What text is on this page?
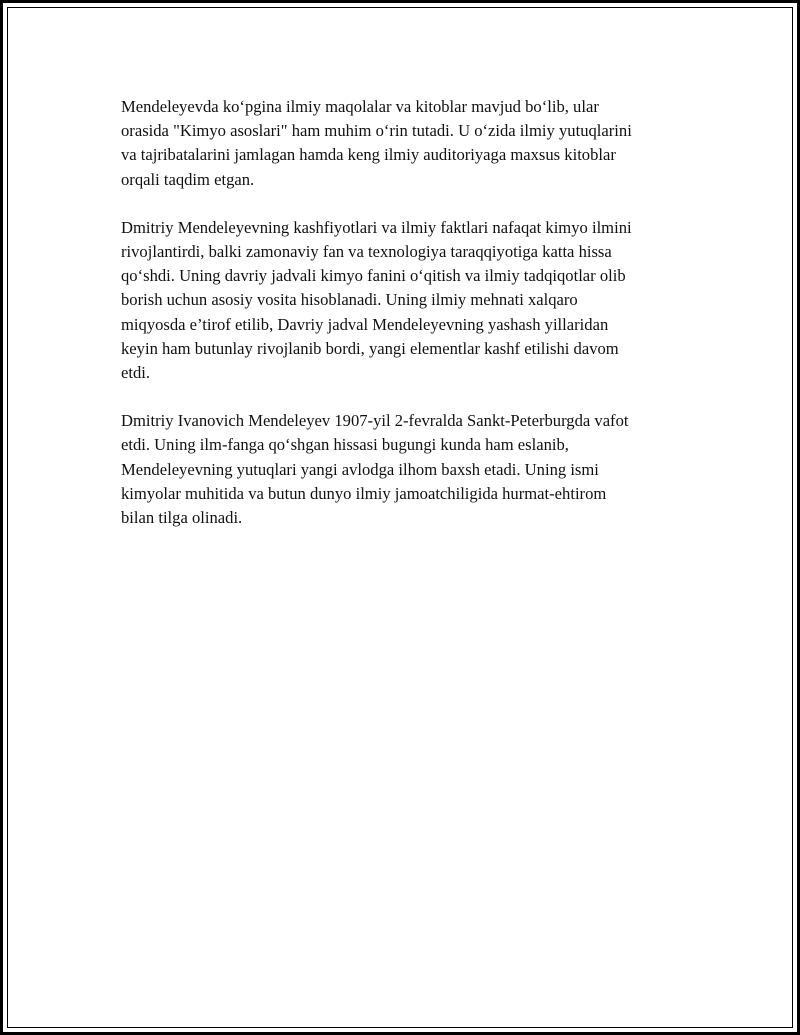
Mendeleyevda ko‘pgina ilmiy maqolalar va kitoblar mavjud bo‘lib, ular
orasida "Kimyo asoslari" ham muhim o‘rin tutadi. U o‘zida ilmiy yutuqlarini
va tajribatalarini jamlagan hamda keng ilmiy auditoriyaga maxsus kitoblar
orqali taqdim etgan.

Dmitriy Mendeleyevning kashfiyotlari va ilmiy faktlari nafaqat kimyo ilmini
rivojlantirdi, balki zamonaviy fan va texnologiya taraqqiyotiga katta hissa
qo‘shdi. Uning davriy jadvali kimyo fanini o‘qitish va ilmiy tadqiqotlar olib
borish uchun asosiy vosita hisoblanadi. Uning ilmiy mehnati xalqaro
miqyosda e’tirof etilib, Davriy jadval Mendeleyevning yashash yillaridan
keyin ham butunlay rivojlanib bordi, yangi elementlar kashf etilishi davom
etdi.

Dmitriy Ivanovich Mendeleyev 1907-yil 2-fevralda Sankt-Peterburgda vafot
etdi. Uning ilm-fanga qo‘shgan hissasi bugungi kunda ham eslanib,
Mendeleyevning yutuqlari yangi avlodga ilhom baxsh etadi. Uning ismi
kimyolar muhitida va butun dunyo ilmiy jamoatchiligida hurmat-ehtirom
bilan tilga olinadi.
